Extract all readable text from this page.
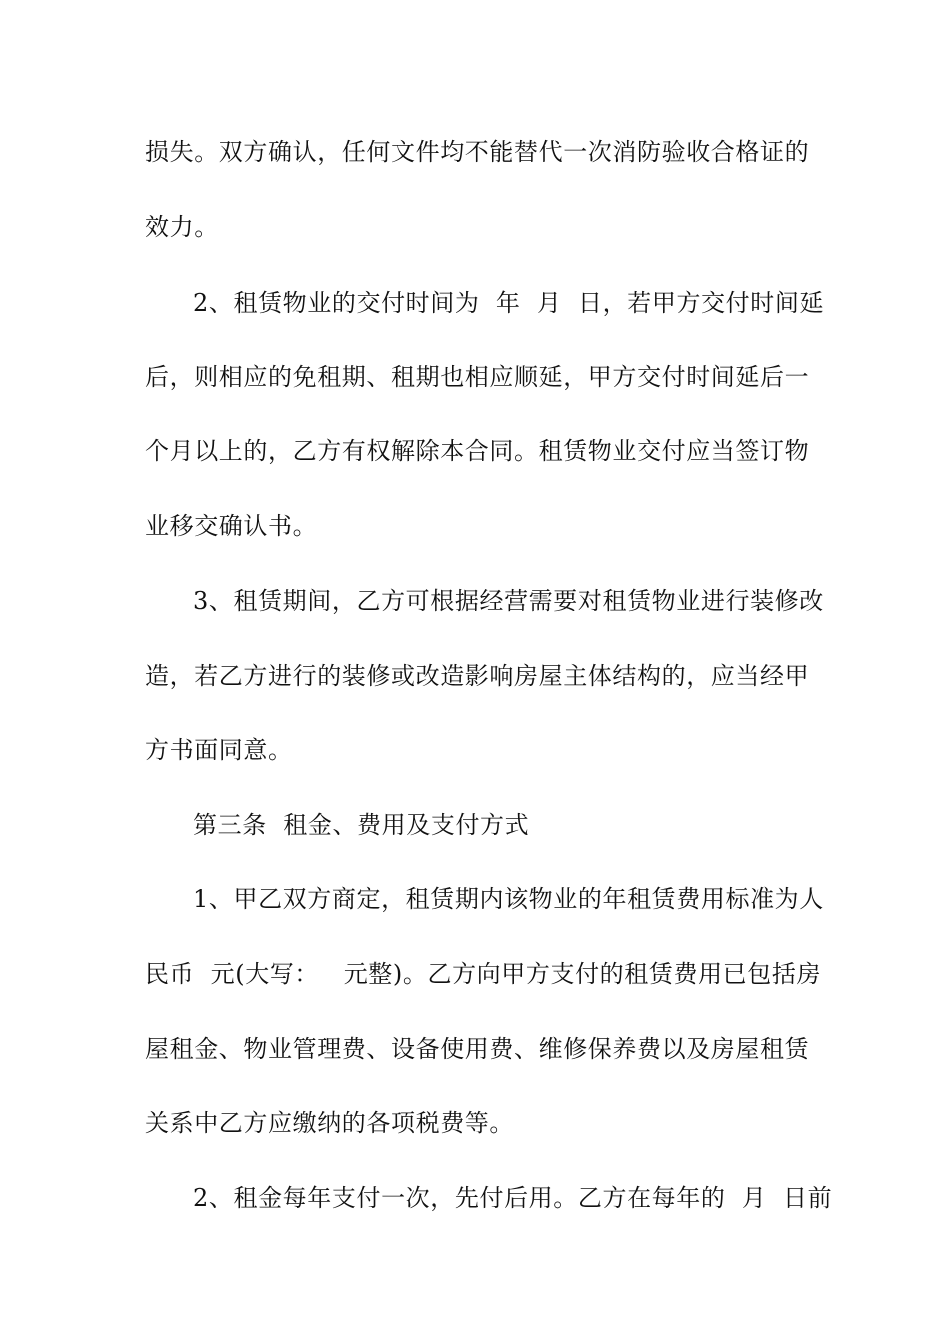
损失。双方确认，任何文件均不能替代一次消防验收合格证的
效力。
2、租赁物业的交付时间为  年  月  日，若甲方交付时间延
后，则相应的免租期、租期也相应顺延，甲方交付时间延后一
个月以上的，乙方有权解除本合同。租赁物业交付应当签订物
业移交确认书。
3、租赁期间，乙方可根据经营需要对租赁物业进行装修改
造，若乙方进行的装修或改造影响房屋主体结构的，应当经甲
方书面同意。
第三条  租金、费用及支付方式
1、甲乙双方商定，租赁期内该物业的年租赁费用标准为人
民币  元(大写：   元整)。乙方向甲方支付的租赁费用已包括房
屋租金、物业管理费、设备使用费、维修保养费以及房屋租赁
关系中乙方应缴纳的各项税费等。
2、租金每年支付一次，先付后用。乙方在每年的  月  日前
